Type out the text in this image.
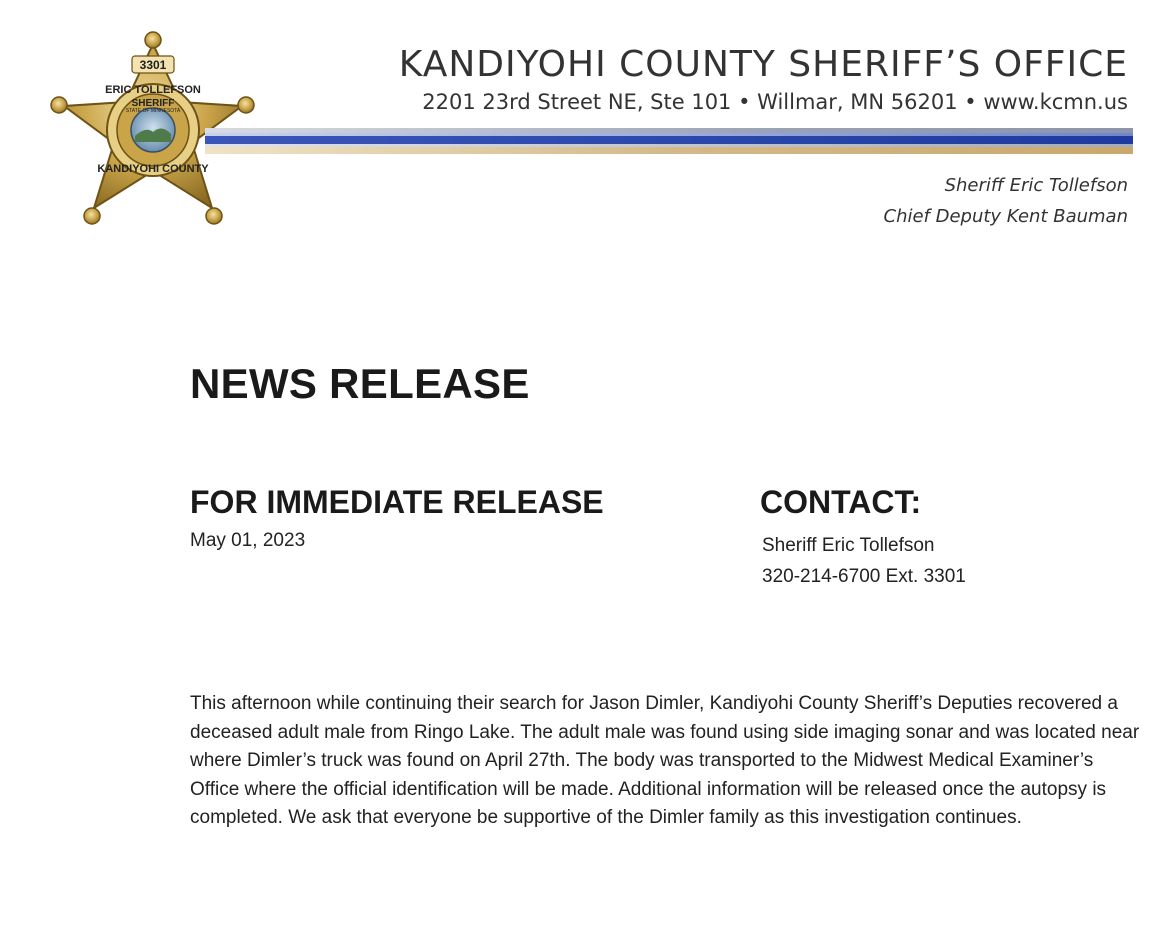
3301
ERIC TOLLEFSON
SHERIFF
STATE OF MINNESOTA
KANDIYOHI COUNTY
KANDIYOHI COUNTY SHERIFF’S OFFICE
2201 23rd Street NE, Ste 101 • Willmar, MN 56201 • www.kcmn.us
Sheriff Eric Tollefson
Chief Deputy Kent Bauman
NEWS RELEASE
FOR IMMEDIATE RELEASE
May 01, 2023
CONTACT:
Sheriff Eric Tollefson
320-214-6700 Ext. 3301

This afternoon while continuing their search for Jason Dimler, Kandiyohi County Sheriff’s Deputies recovered a deceased adult male from Ringo Lake. The adult male was found using side imaging sonar and was located near where Dimler’s truck was found on April 27th. The body was transported to the Midwest Medical Examiner’s Office where the official identification will be made. Additional information will be released once the autopsy is completed. We ask that everyone be supportive of the Dimler family as this investigation continues.
